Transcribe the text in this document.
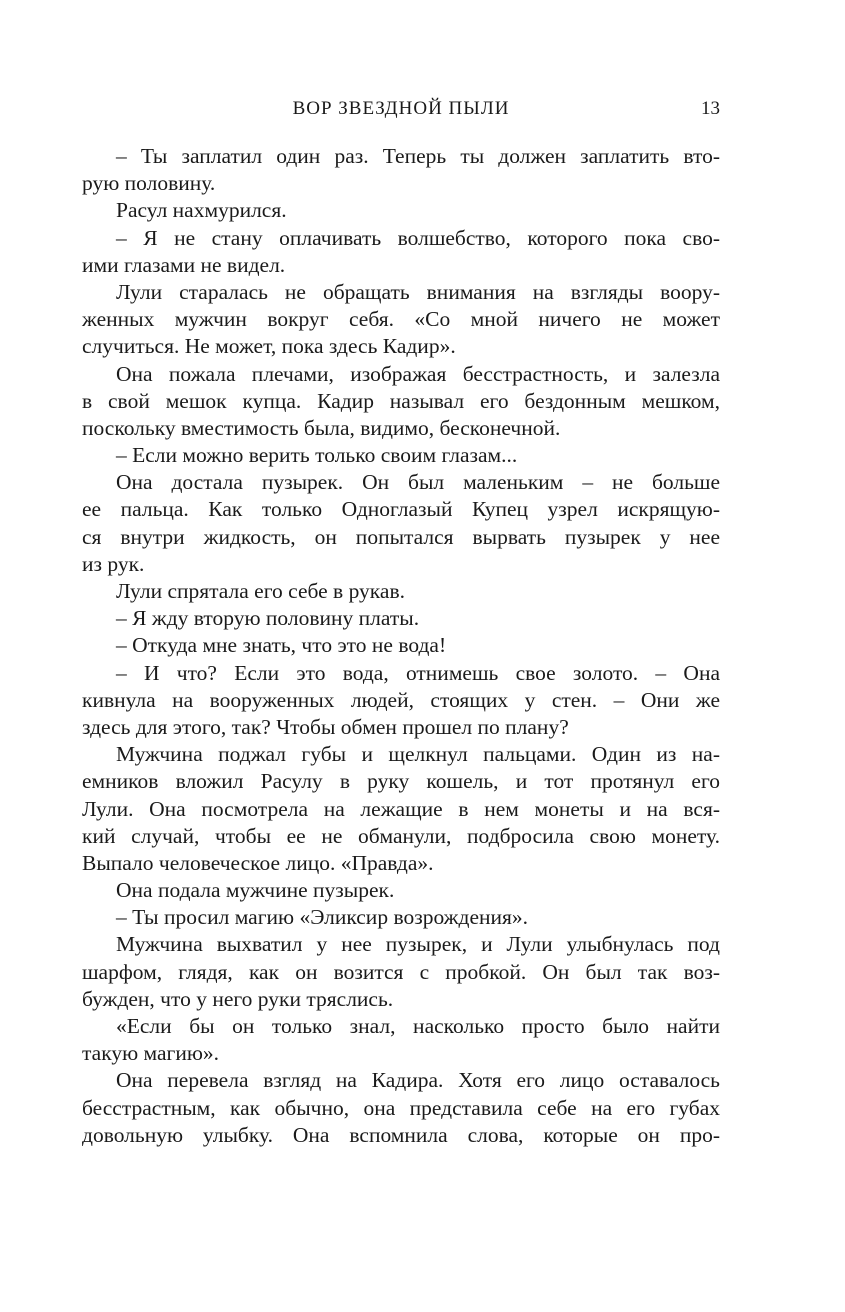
ВОР ЗВЕЗДНОЙ ПЫЛИ	13
– Ты заплатил один раз. Теперь ты должен заплатить вто-
рую половину.
Расул нахмурился.
– Я не стану оплачивать волшебство, которого пока сво-
ими глазами не видел.
Лули старалась не обращать внимания на взгляды воору-
женных мужчин вокруг себя. «Со мной ничего не может
случиться. Не может, пока здесь Кадир».
Она пожала плечами, изображая бесстрастность, и залезла
в свой мешок купца. Кадир называл его бездонным мешком,
поскольку вместимость была, видимо, бесконечной.
– Если можно верить только своим глазам...
Она достала пузырек. Он был маленьким – не больше
ее пальца. Как только Одноглазый Купец узрел искрящую-
ся внутри жидкость, он попытался вырвать пузырек у нее
из рук.
Лули спрятала его себе в рукав.
– Я жду вторую половину платы.
– Откуда мне знать, что это не вода!
– И что? Если это вода, отнимешь свое золото. – Она
кивнула на вооруженных людей, стоящих у стен. – Они же
здесь для этого, так? Чтобы обмен прошел по плану?
Мужчина поджал губы и щелкнул пальцами. Один из на-
емников вложил Расулу в руку кошель, и тот протянул его
Лули. Она посмотрела на лежащие в нем монеты и на вся-
кий случай, чтобы ее не обманули, подбросила свою монету.
Выпало человеческое лицо. «Правда».
Она подала мужчине пузырек.
– Ты просил магию «Эликсир возрождения».
Мужчина выхватил у нее пузырек, и Лули улыбнулась под
шарфом, глядя, как он возится с пробкой. Он был так воз-
бужден, что у него руки тряслись.
«Если бы он только знал, насколько просто было найти
такую магию».
Она перевела взгляд на Кадира. Хотя его лицо оставалось
бесстрастным, как обычно, она представила себе на его губах
довольную улыбку. Она вспомнила слова, которые он про-
